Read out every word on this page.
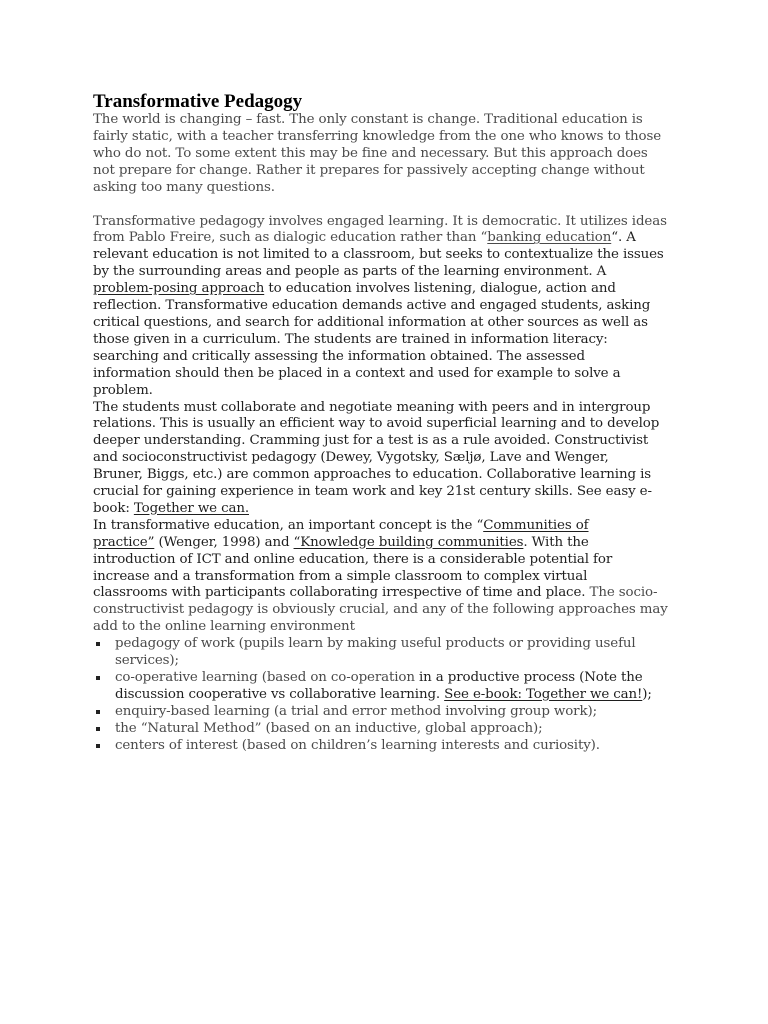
Transformative Pedagogy

The world is changing – fast. The only constant is change. Traditional education is

fairly static, with a teacher transferring knowledge from the one who knows to those

who do not. To some extent this may be fine and necessary. But this approach does

not prepare for change. Rather it prepares for passively accepting change without

asking too many questions.

Transformative pedagogy involves engaged learning. It is democratic. It utilizes ideas

from Pablo Freire, such as dialogic education rather than “banking education“. A

relevant education is not limited to a classroom, but seeks to contextualize the issues

by the surrounding areas and people as parts of the learning environment. A

problem-posing approach to education involves listening, dialogue, action and

reflection. Transformative education demands active and engaged students, asking

critical questions, and search for additional information at other sources as well as

those given in a curriculum. The students are trained in information literacy:

searching and critically assessing the information obtained. The assessed

information should then be placed in a context and used for example to solve a

problem.

The students must collaborate and negotiate meaning with peers and in intergroup

relations. This is usually an efficient way to avoid superficial learning and to develop

deeper understanding. Cramming just for a test is as a rule avoided. Constructivist

and socioconstructivist pedagogy (Dewey, Vygotsky, Sæljø, Lave and Wenger,

Bruner, Biggs, etc.) are common approaches to education. Collaborative learning is

crucial for gaining experience in team work and key 21st century skills. See easy e-

book: Together we can.

In transformative education, an important concept is the “Communities of

practice” (Wenger, 1998) and “Knowledge building communities. With the

introduction of ICT and online education, there is a considerable potential for

increase and a transformation from a simple classroom to complex virtual

classrooms with participants collaborating irrespective of time and place. The socio-

constructivist pedagogy is obviously crucial, and any of the following approaches may

add to the online learning environment

pedagogy of work (pupils learn by making useful products or providing useful
services);
co-operative learning (based on co-operation in a productive process (Note the
discussion cooperative vs collaborative learning. See e-book: Together we can!);
enquiry-based learning (a trial and error method involving group work);
the “Natural Method” (based on an inductive, global approach);
centers of interest (based on children’s learning interests and curiosity).
